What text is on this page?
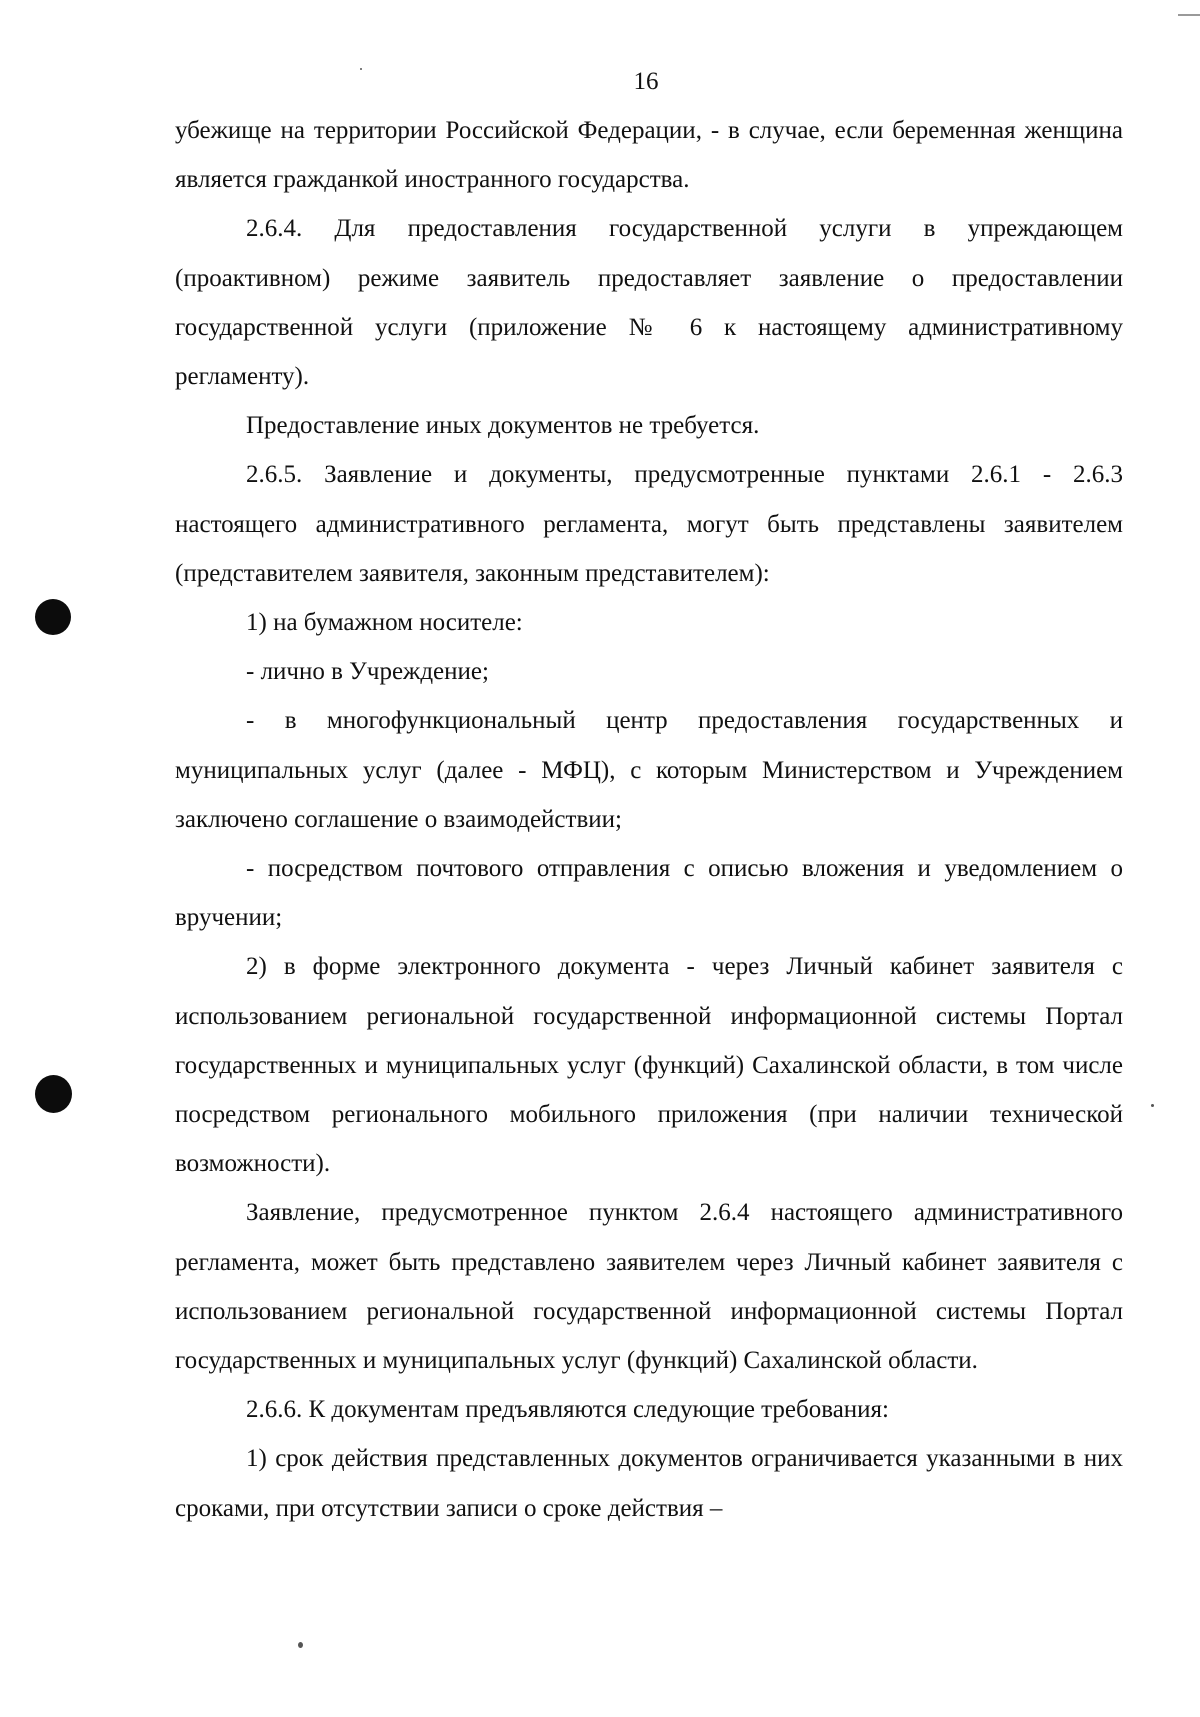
16

убежище на территории Российской Федерации, - в случае, если беременная женщина является гражданкой иностранного государства.

2.6.4. Для предоставления государственной услуги в упреждающем (проактивном) режиме заявитель предоставляет заявление о предоставлении государственной услуги (приложение № 6 к настоящему административному регламенту).

Предоставление иных документов не требуется.

2.6.5. Заявление и документы, предусмотренные пунктами 2.6.1 - 2.6.3 настоящего административного регламента, могут быть представлены заявителем (представителем заявителя, законным представителем):

1) на бумажном носителе:

- лично в Учреждение;

- в многофункциональный центр предоставления государственных и муниципальных услуг (далее - МФЦ), с которым Министерством и Учреждением заключено соглашение о взаимодействии;

- посредством почтового отправления с описью вложения и уведомлением о вручении;

2) в форме электронного документа - через Личный кабинет заявителя с использованием региональной государственной информационной системы Портал государственных и муниципальных услуг (функций) Сахалинской области, в том числе посредством регионального мобильного приложения (при наличии технической возможности).

Заявление, предусмотренное пунктом 2.6.4 настоящего административного регламента, может быть представлено заявителем через Личный кабинет заявителя с использованием региональной государственной информационной системы Портал государственных и муниципальных услуг (функций) Сахалинской области.

2.6.6. К документам предъявляются следующие требования:

1) срок действия представленных документов ограничивается указанными в них сроками, при отсутствии записи о сроке действия –
